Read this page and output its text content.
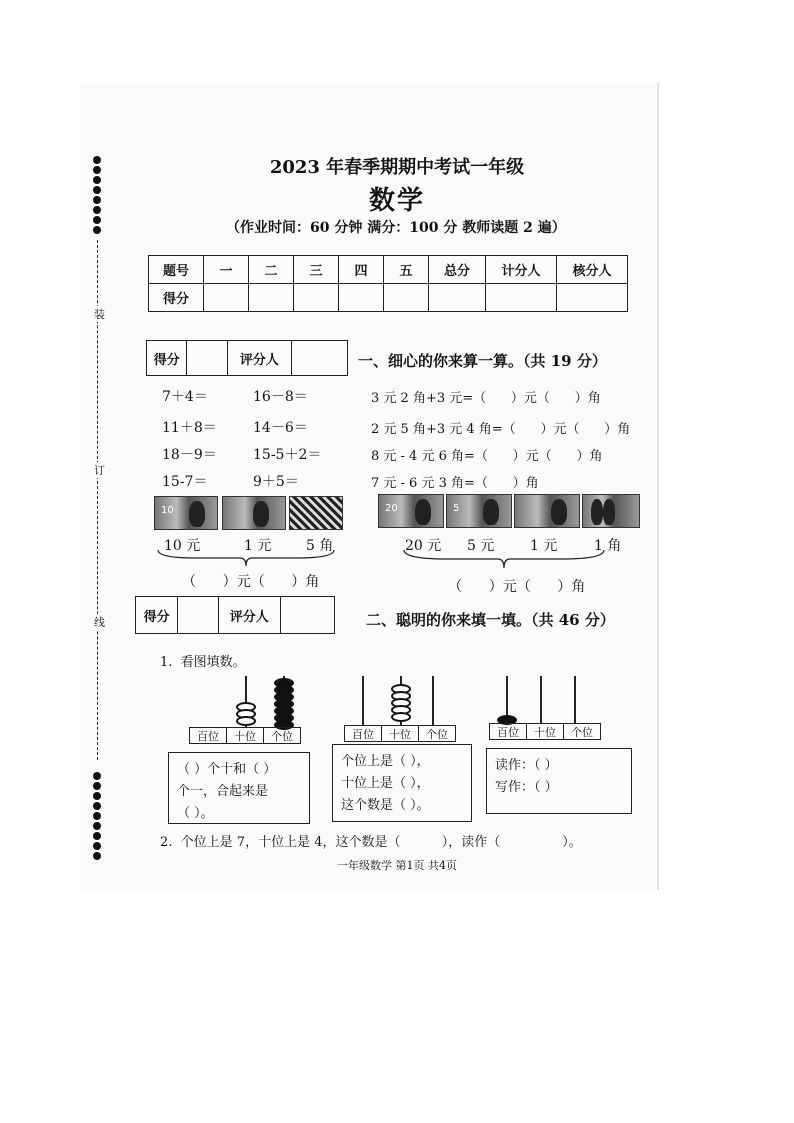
装
订
线
2023 年春季期期中考试一年级
数学
（作业时间：60 分钟 满分：100 分 教师读题 2 遍）
题号	一	二	三	四	五	总分	计分人	核分人
得分								
得分	评分人	一、细心的你来算一算。（共 19 分）
7＋4＝
11＋8＝
18－9＝
15-7＝
16－8＝
14－6＝
15-5＋2＝
9＋5＝
3 元 2 角+3 元=（      ）元（      ）角
2 元 5 角+3 元 4 角=（      ）元（      ）角
8 元 - 4 元 6 角=（      ）元（      ）角
7 元 - 6 元 3 角=（      ）角
10
10 元	1 元 5 角
（      ）元（      ）角
20	5
20 元 5 元	1 元	1 角
（      ）元（      ）角
得分	评分人	二、聪明的你来填一填。（共 46 分）
1.  看图填数。
百位	十位	个位
（ ）个十和（ ）
个一，合起来是
（ ）。
百位	十位	个位
个位上是（ ），
十位上是（ ），
这个数是（ ）。
百位	十位	个位
读作：（ ）
写作：（ ）
2.  个位上是 7，十位上是 4，这个数是（          ），读作（               ）。
一年级数学 第1页 共4页
